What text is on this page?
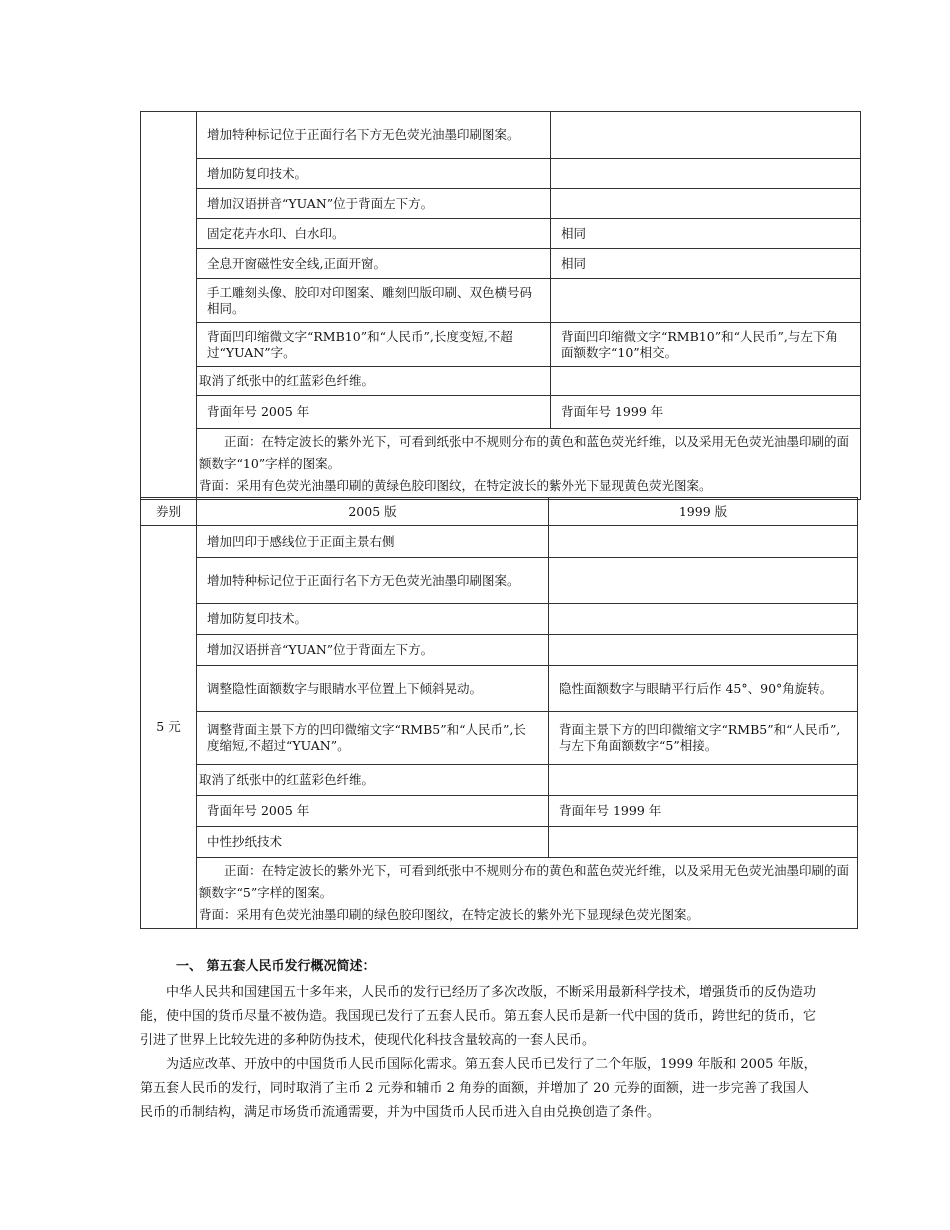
	增加特种标记位于正面行名下方无色荧光油墨印刷图案。	
	增加防复印技术。	
	增加汉语拼音“YUAN”位于背面左下方。	
	固定花卉水印、白水印。	相同
	全息开窗磁性安全线,正面开窗。	相同
	手工雕刻头像、胶印对印图案、雕刻凹版印刷、双色横号码相同。	
	背面凹印缩微文字“RMB10”和“人民币”,长度变短,不超过“YUAN”字。	背面凹印缩微文字“RMB10”和“人民币”,与左下角面额数字“10”相交。
	取消了纸张中的红蓝彩色纤维。	
	背面年号 2005 年	背面年号 1999 年

	正面：在特定波长的紫外光下，可看到纸张中不规则分布的黄色和蓝色荧光纤维，以及采用无色荧光油墨印刷的面额数字“10”字样的图案。
背面：采用有色荧光油墨印刷的黄绿色胶印图纹，在特定波长的紫外光下显现黄色荧光图案。	
券别	2005 版	1999 版
5 元	增加凹印于感线位于正面主景右侧	
	增加特种标记位于正面行名下方无色荧光油墨印刷图案。	
	增加防复印技术。	
	增加汉语拼音“YUAN”位于背面左下方。	
	调整隐性面额数字与眼睛水平位置上下倾斜晃动。	隐性面额数字与眼睛平行后作 45°、90°角旋转。
	调整背面主景下方的凹印微缩文字“RMB5”和“人民币”,长度缩短,不超过“YUAN”。	背面主景下方的凹印微缩文字“RMB5”和“人民币”,与左下角面额数字“5”相接。
	取消了纸张中的红蓝彩色纤维。	
	背面年号 2005 年	背面年号 1999 年
	中性抄纸技术	

	正面：在特定波长的紫外光下，可看到纸张中不规则分布的黄色和蓝色荧光纤维，以及采用无色荧光油墨印刷的面额数字“5”字样的图案。
背面：采用有色荧光油墨印刷的绿色胶印图纹，在特定波长的紫外光下显现绿色荧光图案。	
一、 第五套人民币发行概况简述：

中华人民共和国建国五十多年来，人民币的发行已经历了多次改版，不断采用最新科学技术，增强货币的反伪造功能，使中国的货币尽量不被伪造。我国现已发行了五套人民币。第五套人民币是新一代中国的货币，跨世纪的货币，它引进了世界上比较先进的多种防伪技术，使现代化科技含量较高的一套人民币。

为适应改革、开放中的中国货币人民币国际化需求。第五套人民币已发行了二个年版，1999 年版和 2005 年版，第五套人民币的发行，同时取消了主币 2 元券和辅币 2 角券的面额，并增加了 20 元券的面额，进一步完善了我国人民币的币制结构，满足市场货币流通需要，并为中国货币人民币进入自由兑换创造了条件。
